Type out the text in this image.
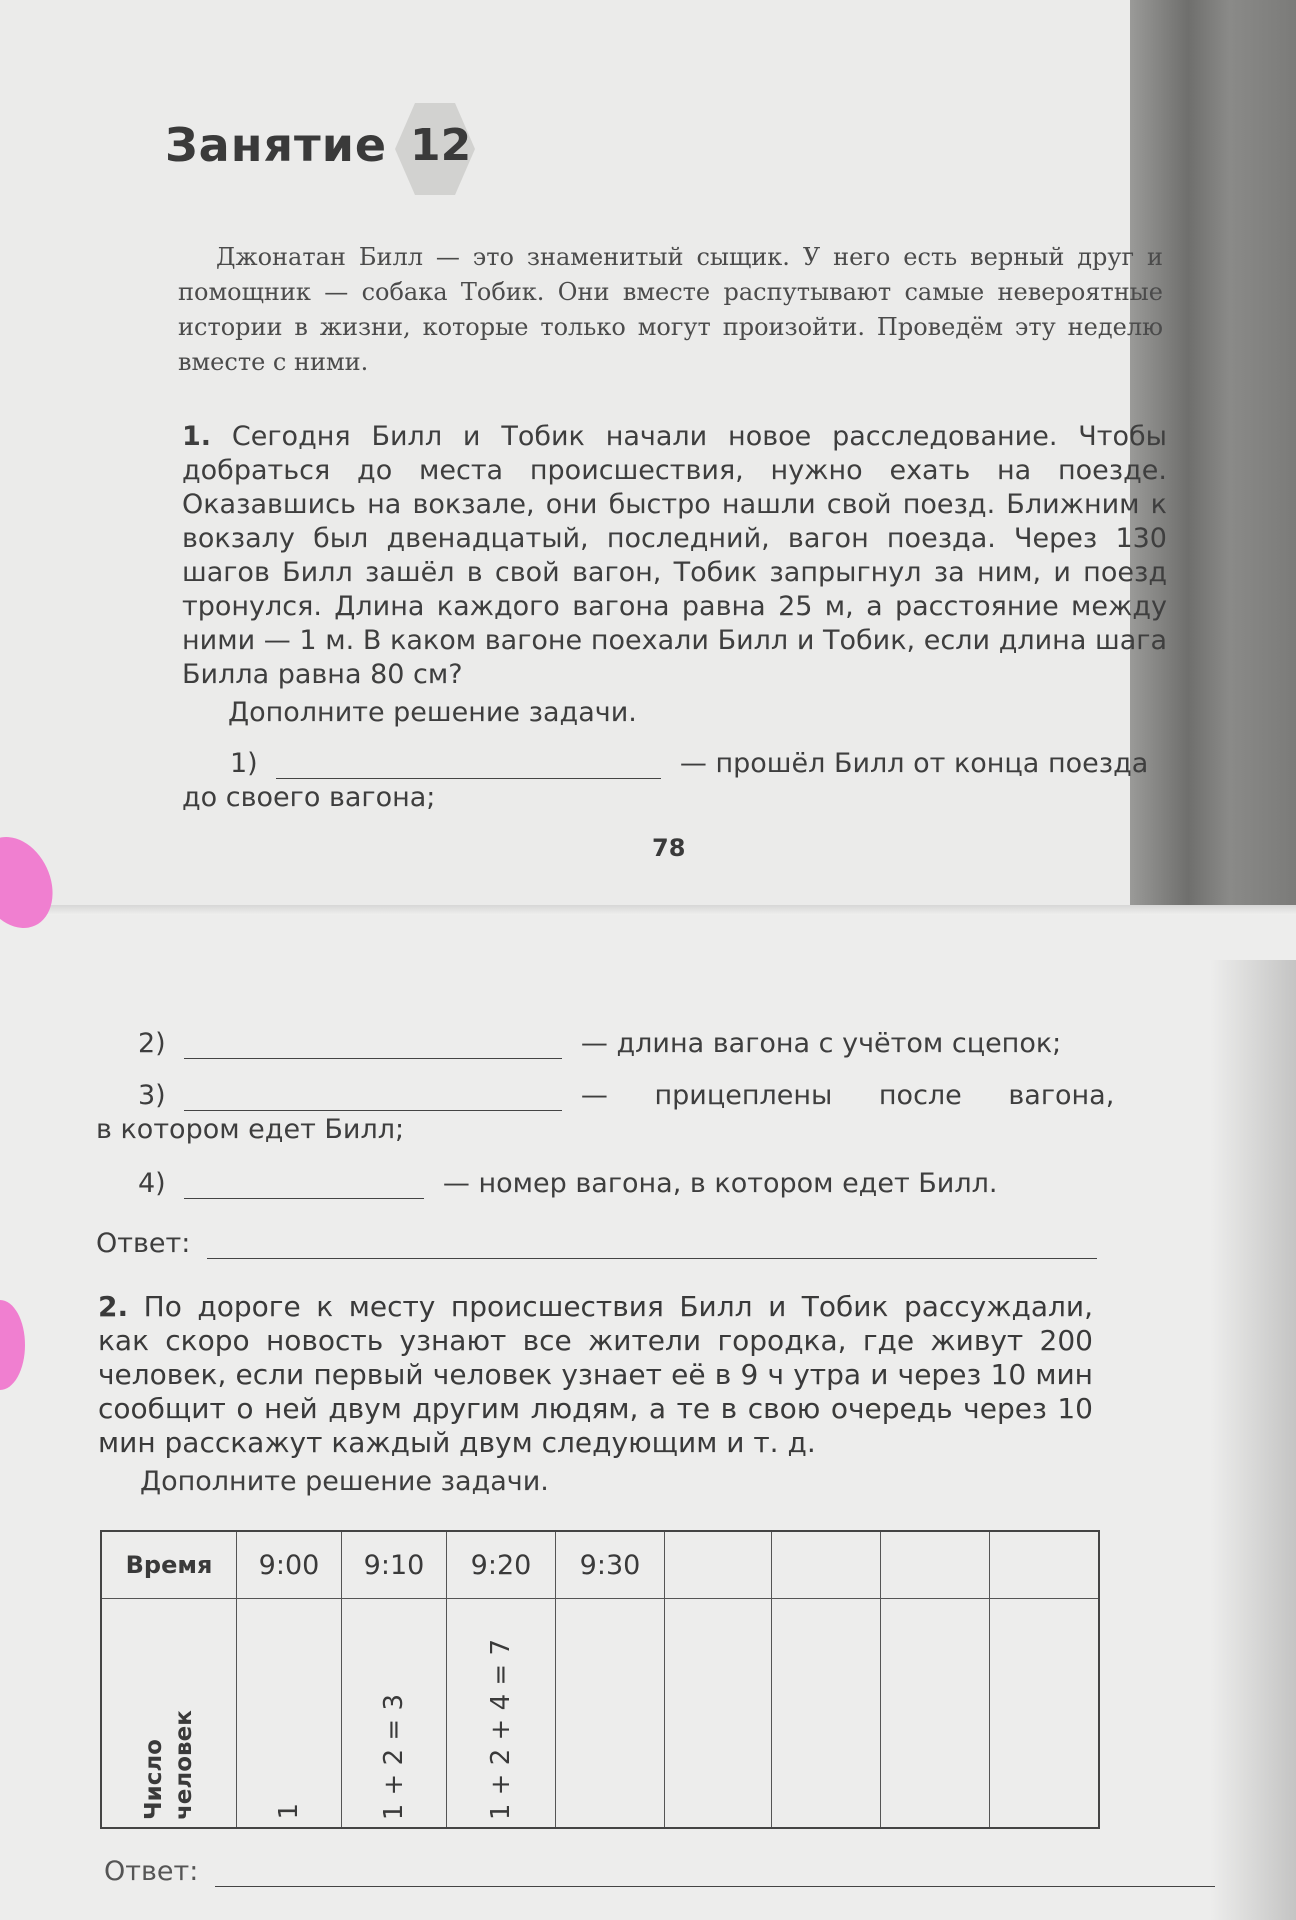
Занятие 12
Джонатан Билл — это знаменитый сыщик. У него есть верный друг и помощник — собака Тобик. Они вместе распутывают самые невероятные истории в жизни, которые только могут произойти. Проведём эту неделю вместе с ними.
1. Сегодня Билл и Тобик начали новое расследование. Чтобы добраться до места происшествия, нужно ехать на поезде. Оказавшись на вокзале, они быстро нашли свой поезд. Ближним к вокзалу был двенадцатый, последний, вагон поезда. Через 130 шагов Билл зашёл в свой вагон, Тобик запрыгнул за ним, и поезд тронулся. Длина каждого вагона равна 25 м, а расстояние между ними — 1 м. В каком вагоне поехали Билл и Тобик, если длина шага Билла равна 80 см?
Дополните решение задачи.
1)	— прошёл Билл от конца поезда
до своего вагона;
78
2)	— длина вагона с учётом сцепок;
3)	— прицеплены после вагона,
в котором едет Билл;
4)	— номер вагона, в котором едет Билл.
Ответ:
2. По дороге к месту происшествия Билл и Тобик рассуждали, как скоро новость узнают все жители городка, где живут 200 человек, если первый человек узнает её в 9 ч утра и через 10 мин сообщит о ней двум другим людям, а те в свою очередь через 10 мин расскажут каждый двум следующим и т. д.
Дополните решение задачи.
Время	9:00	9:10	9:20	9:30				
Число человек	1	1 + 2 = 3	1 + 2 + 4 = 7					
Ответ:
